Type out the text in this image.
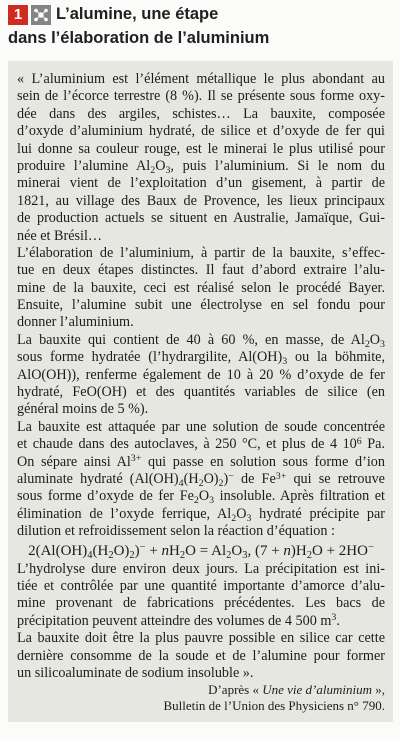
1	L’alumine, une étape
dans l’élaboration de l’aluminium
« L’aluminium est l’élément métallique le plus abondant au
sein de l’écorce terrestre (8 %). Il se présente sous forme oxy-
dée dans des argiles, schistes… La bauxite, composée
d’oxyde d’aluminium hydraté, de silice et d’oxyde de fer qui
lui donne sa couleur rouge, est le minerai le plus utilisé pour
produire l’alumine $Al_2O_3$, puis l’aluminium. Si le nom du
minerai vient de l’exploitation d’un gisement, à partir de
1821, au village des Baux de Provence, les lieux principaux
de production actuels se situent en Australie, Jamaïque, Gui-
née et Brésil…
L’élaboration de l’aluminium, à partir de la bauxite, s’effec-
tue en deux étapes distinctes. Il faut d’abord extraire l’alu-
mine de la bauxite, ceci est réalisé selon le procédé Bayer.
Ensuite, l’alumine subit une électrolyse en sel fondu pour
donner l’aluminium.
La bauxite qui contient de 40 à 60 %, en masse, de $Al_2O_3$
sous forme hydratée (l’hydrargilite, $Al(OH)_3$ ou la böhmite,
AlO(OH)), renferme également de 10 à 20 % d’oxyde de fer
hydraté, FeO(OH) et des quantités variables de silice (en
général moins de 5 %).
La bauxite est attaquée par une solution de soude concentrée
et chaude dans des autoclaves, à 250 °C, et plus de 4 $10^6$ Pa.
On sépare ainsi $Al^{3+}$ qui passe en solution sous forme d’ion
aluminate hydraté $(Al(OH)_4(H_2O)_2)^-$ de $Fe^{3+}$ qui se retrouve
sous forme d’oxyde de fer $Fe_2O_3$ insoluble. Après filtration et
élimination de l’oxyde ferrique, $Al_2O_3$ hydraté précipite par
dilution et refroidissement selon la réaction d’équation :
$2(Al(OH)_4(H_2O)_2)^- + nH_2O = Al_2O_3$, $(7 + n)H_2O + 2HO^-$
L’hydrolyse dure environ deux jours. La précipitation est ini-
tiée et contrôlée par une quantité importante d’amorce d’alu-
mine provenant de fabrications précédentes. Les bacs de
précipitation peuvent atteindre des volumes de 4 500 $m^3$.
La bauxite doit être la plus pauvre possible en silice car cette
dernière consomme de la soude et de l’alumine pour former
un silicoaluminate de sodium insoluble ».
D’après « Une vie d’aluminium »,
Bulletin de l’Union des Physiciens n° 790.
